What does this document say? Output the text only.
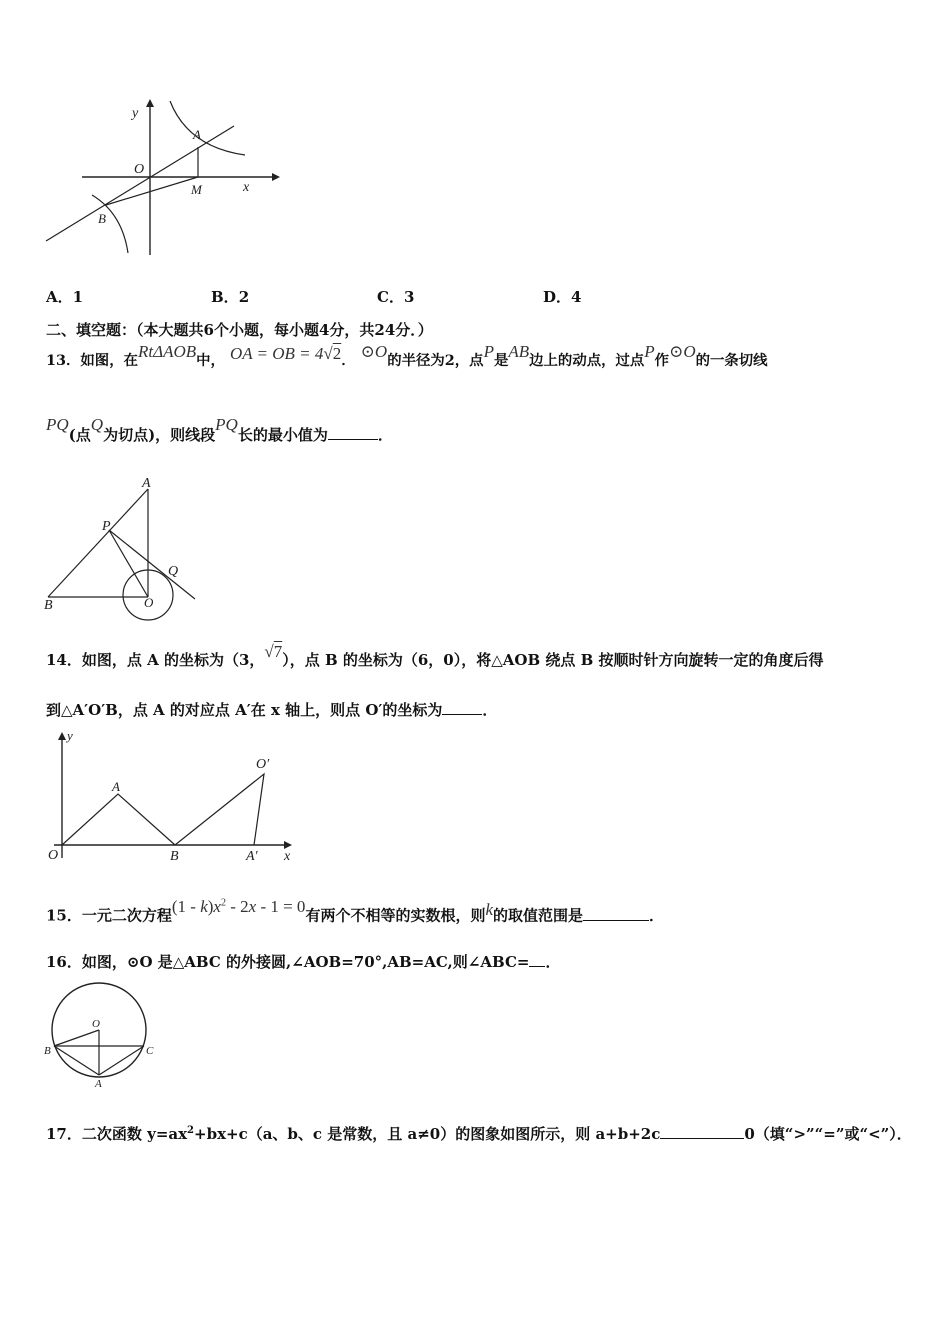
y
x
O
A
B
M
A．1	B．2	C．3	D．4
二、填空题：（本大题共6个小题，每小题4分，共24分．）
13．如图，在RtΔAOB中， OA = OB = 4√2． ⊙O的半径为2，点P是AB边上的动点，过点P作⊙O的一条切线
PQ(点Q为切点)，则线段PQ长的最小值为	．
A
P
Q
B	O
14．如图，点 A 的坐标为（3，√7），点 B 的坐标为（6，0），将△AOB 绕点 B 按顺时针方向旋转一定的角度后得
到△A′O′B，点 A 的对应点 A′在 x 轴上，则点 O′的坐标为	．
y
A
O′
O	B	A′ x
15．一元二次方程$(1 - k)x^2 - 2x - 1 = 0$有两个不相等的实数根，则k的取值范围是	．
16．如图，⊙O 是△ABC 的外接圆,∠AOB=70°,AB=AC,则∠ABC= ．
O
B	C
A
17．二次函数 $y=ax^2+bx+c(a$、b、c 是常数，且 a≠0）的图象如图所示，则 a+b+2c	0（填“>”“=”或“<”）．
